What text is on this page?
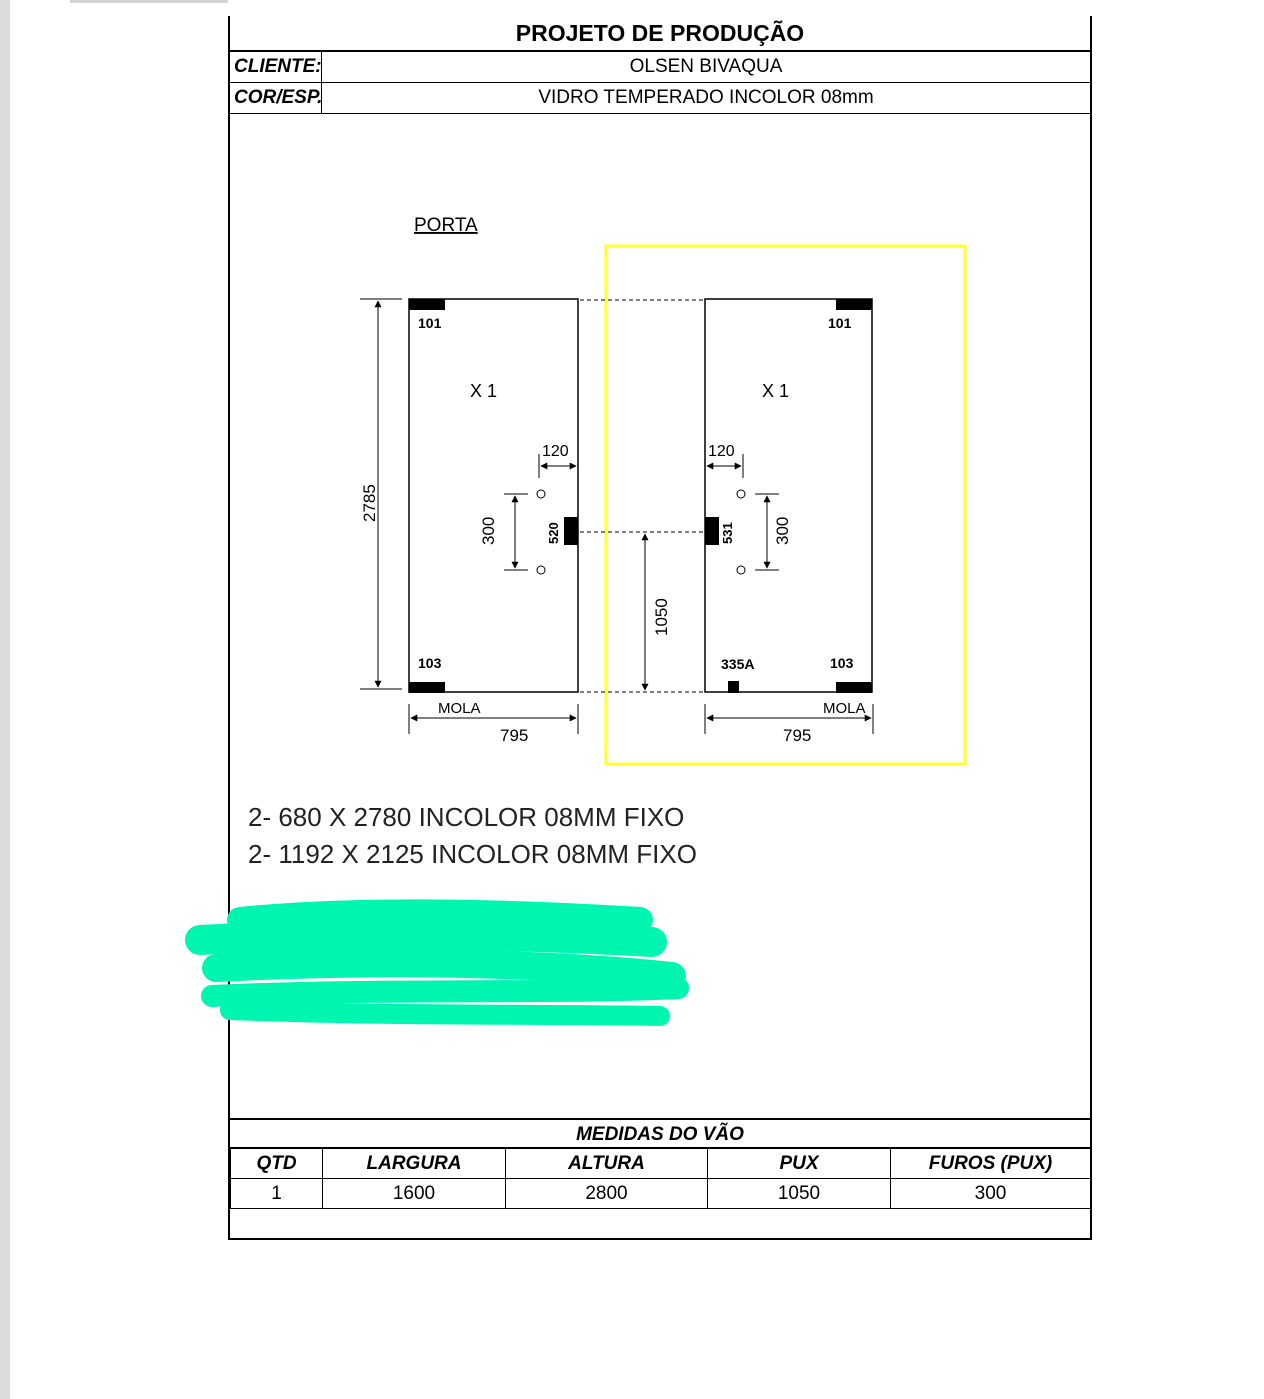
PROJETO DE PRODUÇÃO
CLIENTE:	OLSEN BIVAQUA
COR/ESP.	VIDRO TEMPERADO INCOLOR 08mm
PORTA
101
103
X 1
520
120
300
2785
MOLA
795
1050
101
103
335A
X 1
531
120
300
MOLA
795
2- 680 X 2780 INCOLOR 08MM FIXO
2- 1192 X 2125 INCOLOR 08MM FIXO
MEDIDAS DO VÃO
QTD	LARGURA	ALTURA	PUX	FUROS (PUX)
1	1600	2800	1050	300
